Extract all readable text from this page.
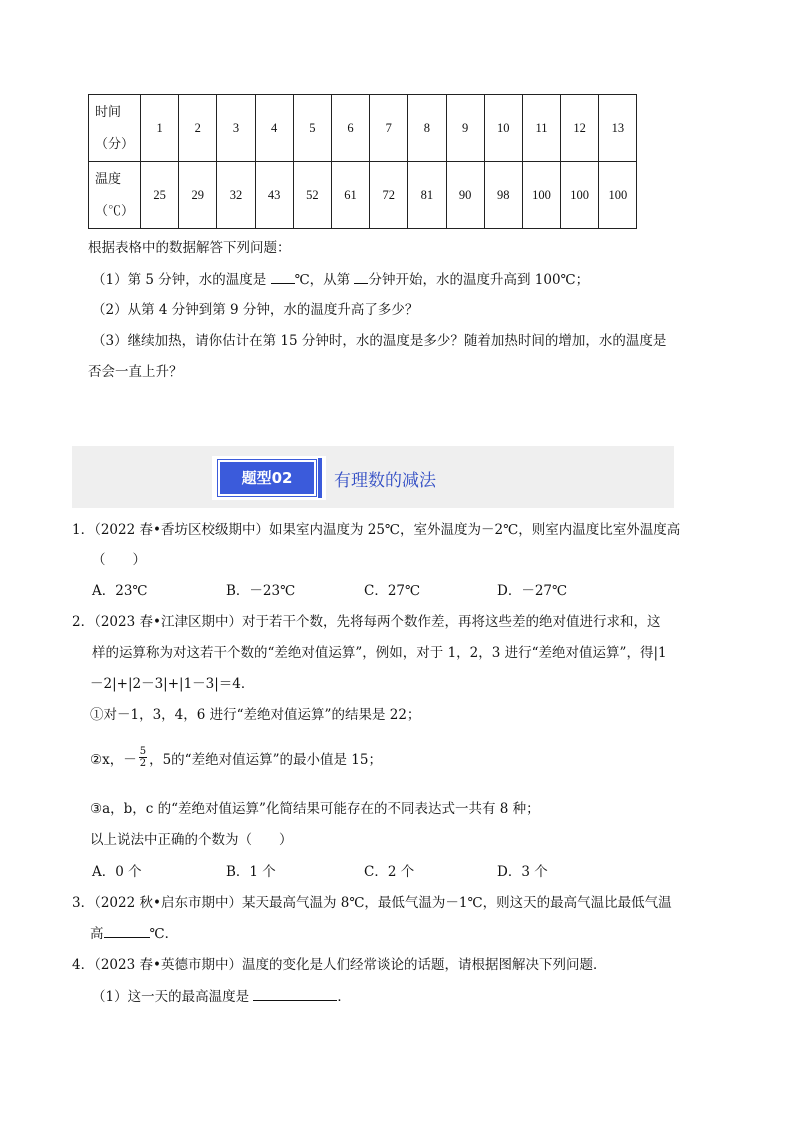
时间
（分）	1	2	3	4	5	6	7	8	9	10	11	12	13

温度
（℃）	25	29	32	43	52	61	72	81	90	98	100	100	100
根据表格中的数据解答下列问题：
（1）第 5 分钟，水的温度是 ℃，从第 分钟开始，水的温度升高到 100℃；
（2）从第 4 分钟到第 9 分钟，水的温度升高了多少？
（3）继续加热，请你估计在第 15 分钟时，水的温度是多少？随着加热时间的增加，水的温度是
否会一直上升？
题型02	有理数的减法
1．（2022 春•香坊区校级期中）如果室内温度为 25℃，室外温度为－2℃，则室内温度比室外温度高
（　　）
A．23℃	B．－23℃	C．27℃	D．－27℃
2．（2023 春•江津区期中）对于若干个数，先将每两个数作差，再将这些差的绝对值进行求和，这
样的运算称为对这若干个数的“差绝对值运算”，例如，对于 1，2，3 进行“差绝对值运算”，得|1
－2|+|2－3|+|1－3|＝4．
①对－1，3，4，6 进行“差绝对值运算”的结果是 22；
②x，－ $\frac{5}{2}$ ，5的“差绝对值运算”的最小值是 15；
③a，b，c 的“差绝对值运算”化简结果可能存在的不同表达式一共有 8 种；
以上说法中正确的个数为（　　）
A．0 个	B．1 个	C．2 个	D．3 个
3．（2022 秋•启东市期中）某天最高气温为 8℃，最低气温为－1℃，则这天的最高气温比最低气温
高	℃．
4．（2023 春•英德市期中）温度的变化是人们经常谈论的话题，请根据图解决下列问题．
（1）这一天的最高温度是	．
